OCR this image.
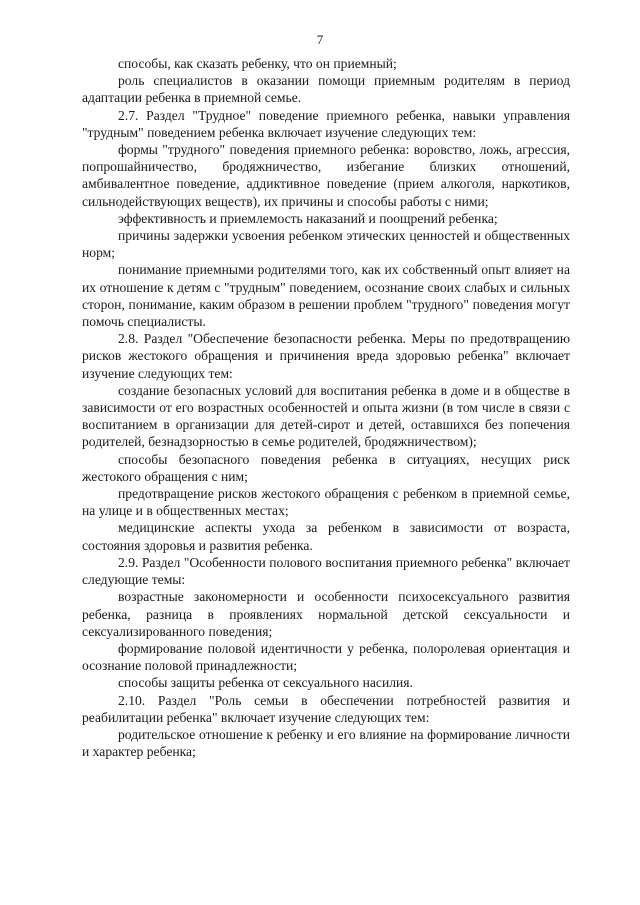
7

способы, как сказать ребенку, что он приемный;

роль специалистов в оказании помощи приемным родителям в период адаптации ребенка в приемной семье.

2.7. Раздел "Трудное" поведение приемного ребенка, навыки управления "трудным" поведением ребенка включает изучение следующих тем:

формы "трудного" поведения приемного ребенка: воровство, ложь, агрессия, попрошайничество, бродяжничество, избегание близких отношений, амбивалентное поведение, аддиктивное поведение (прием алкоголя, наркотиков, сильнодействующих веществ), их причины и способы работы с ними;

эффективность и приемлемость наказаний и поощрений ребенка;

причины задержки усвоения ребенком этических ценностей и общественных норм;

понимание приемными родителями того, как их собственный опыт влияет на их отношение к детям с "трудным" поведением, осознание своих слабых и сильных сторон, понимание, каким образом в решении проблем "трудного" поведения могут помочь специалисты.

2.8. Раздел "Обеспечение безопасности ребенка. Меры по предотвращению рисков жестокого обращения и причинения вреда здоровью ребенка" включает изучение следующих тем:

создание безопасных условий для воспитания ребенка в доме и в обществе в зависимости от его возрастных особенностей и опыта жизни (в том числе в связи с воспитанием в организации для детей-сирот и детей, оставшихся без попечения родителей, безнадзорностью в семье родителей, бродяжничеством);

способы безопасного поведения ребенка в ситуациях, несущих риск жестокого обращения с ним;

предотвращение рисков жестокого обращения с ребенком в приемной семье, на улице и в общественных местах;

медицинские аспекты ухода за ребенком в зависимости от возраста, состояния здоровья и развития ребенка.

2.9. Раздел "Особенности полового воспитания приемного ребенка" включает следующие темы:

возрастные закономерности и особенности психосексуального развития ребенка, разница в проявлениях нормальной детской сексуальности и сексуализированного поведения;

формирование половой идентичности у ребенка, полоролевая ориентация и осознание половой принадлежности;

способы защиты ребенка от сексуального насилия.

2.10. Раздел "Роль семьи в обеспечении потребностей развития и реабилитации ребенка" включает изучение следующих тем:

родительское отношение к ребенку и его влияние на формирование личности и характер ребенка;
